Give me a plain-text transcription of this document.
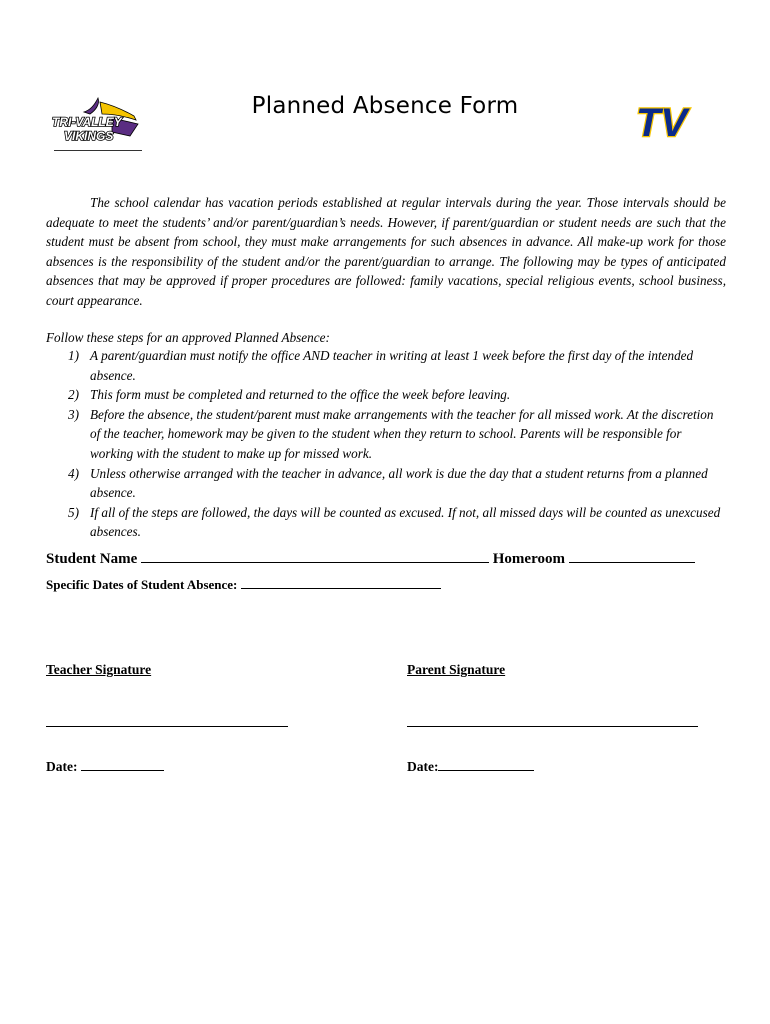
TRI-VALLEY
VIKINGS
Planned Absence Form	TV
The school calendar has vacation periods established at regular intervals during the year. Those intervals should be adequate to meet the students’ and/or parent/guardian’s needs. However, if parent/guardian or student needs are such that the student must be absent from school, they must make arrangements for such absences in advance. All make-up work for those absences is the responsibility of the student and/or the parent/guardian to arrange. The following may be types of anticipated absences that may be approved if proper procedures are followed: family vacations, special religious events, school business, court appearance.
Follow these steps for an approved Planned Absence:
1) A parent/guardian must notify the office AND teacher in writing at least 1 week before the first day of the intended absence.
2) This form must be completed and returned to the office the week before leaving.
3) Before the absence, the student/parent must make arrangements with the teacher for all missed work. At the discretion of the teacher, homework may be given to the student when they return to school. Parents will be responsible for working with the student to make up for missed work.
4) Unless otherwise arranged with the teacher in advance, all work is due the day that a student returns from a planned absence.
5) If all of the steps are followed, the days will be counted as excused. If not, all missed days will be counted as unexcused absences.
Student Name	Homeroom
Specific Dates of Student Absence:
Teacher Signature	Parent Signature
Date:	Date:
